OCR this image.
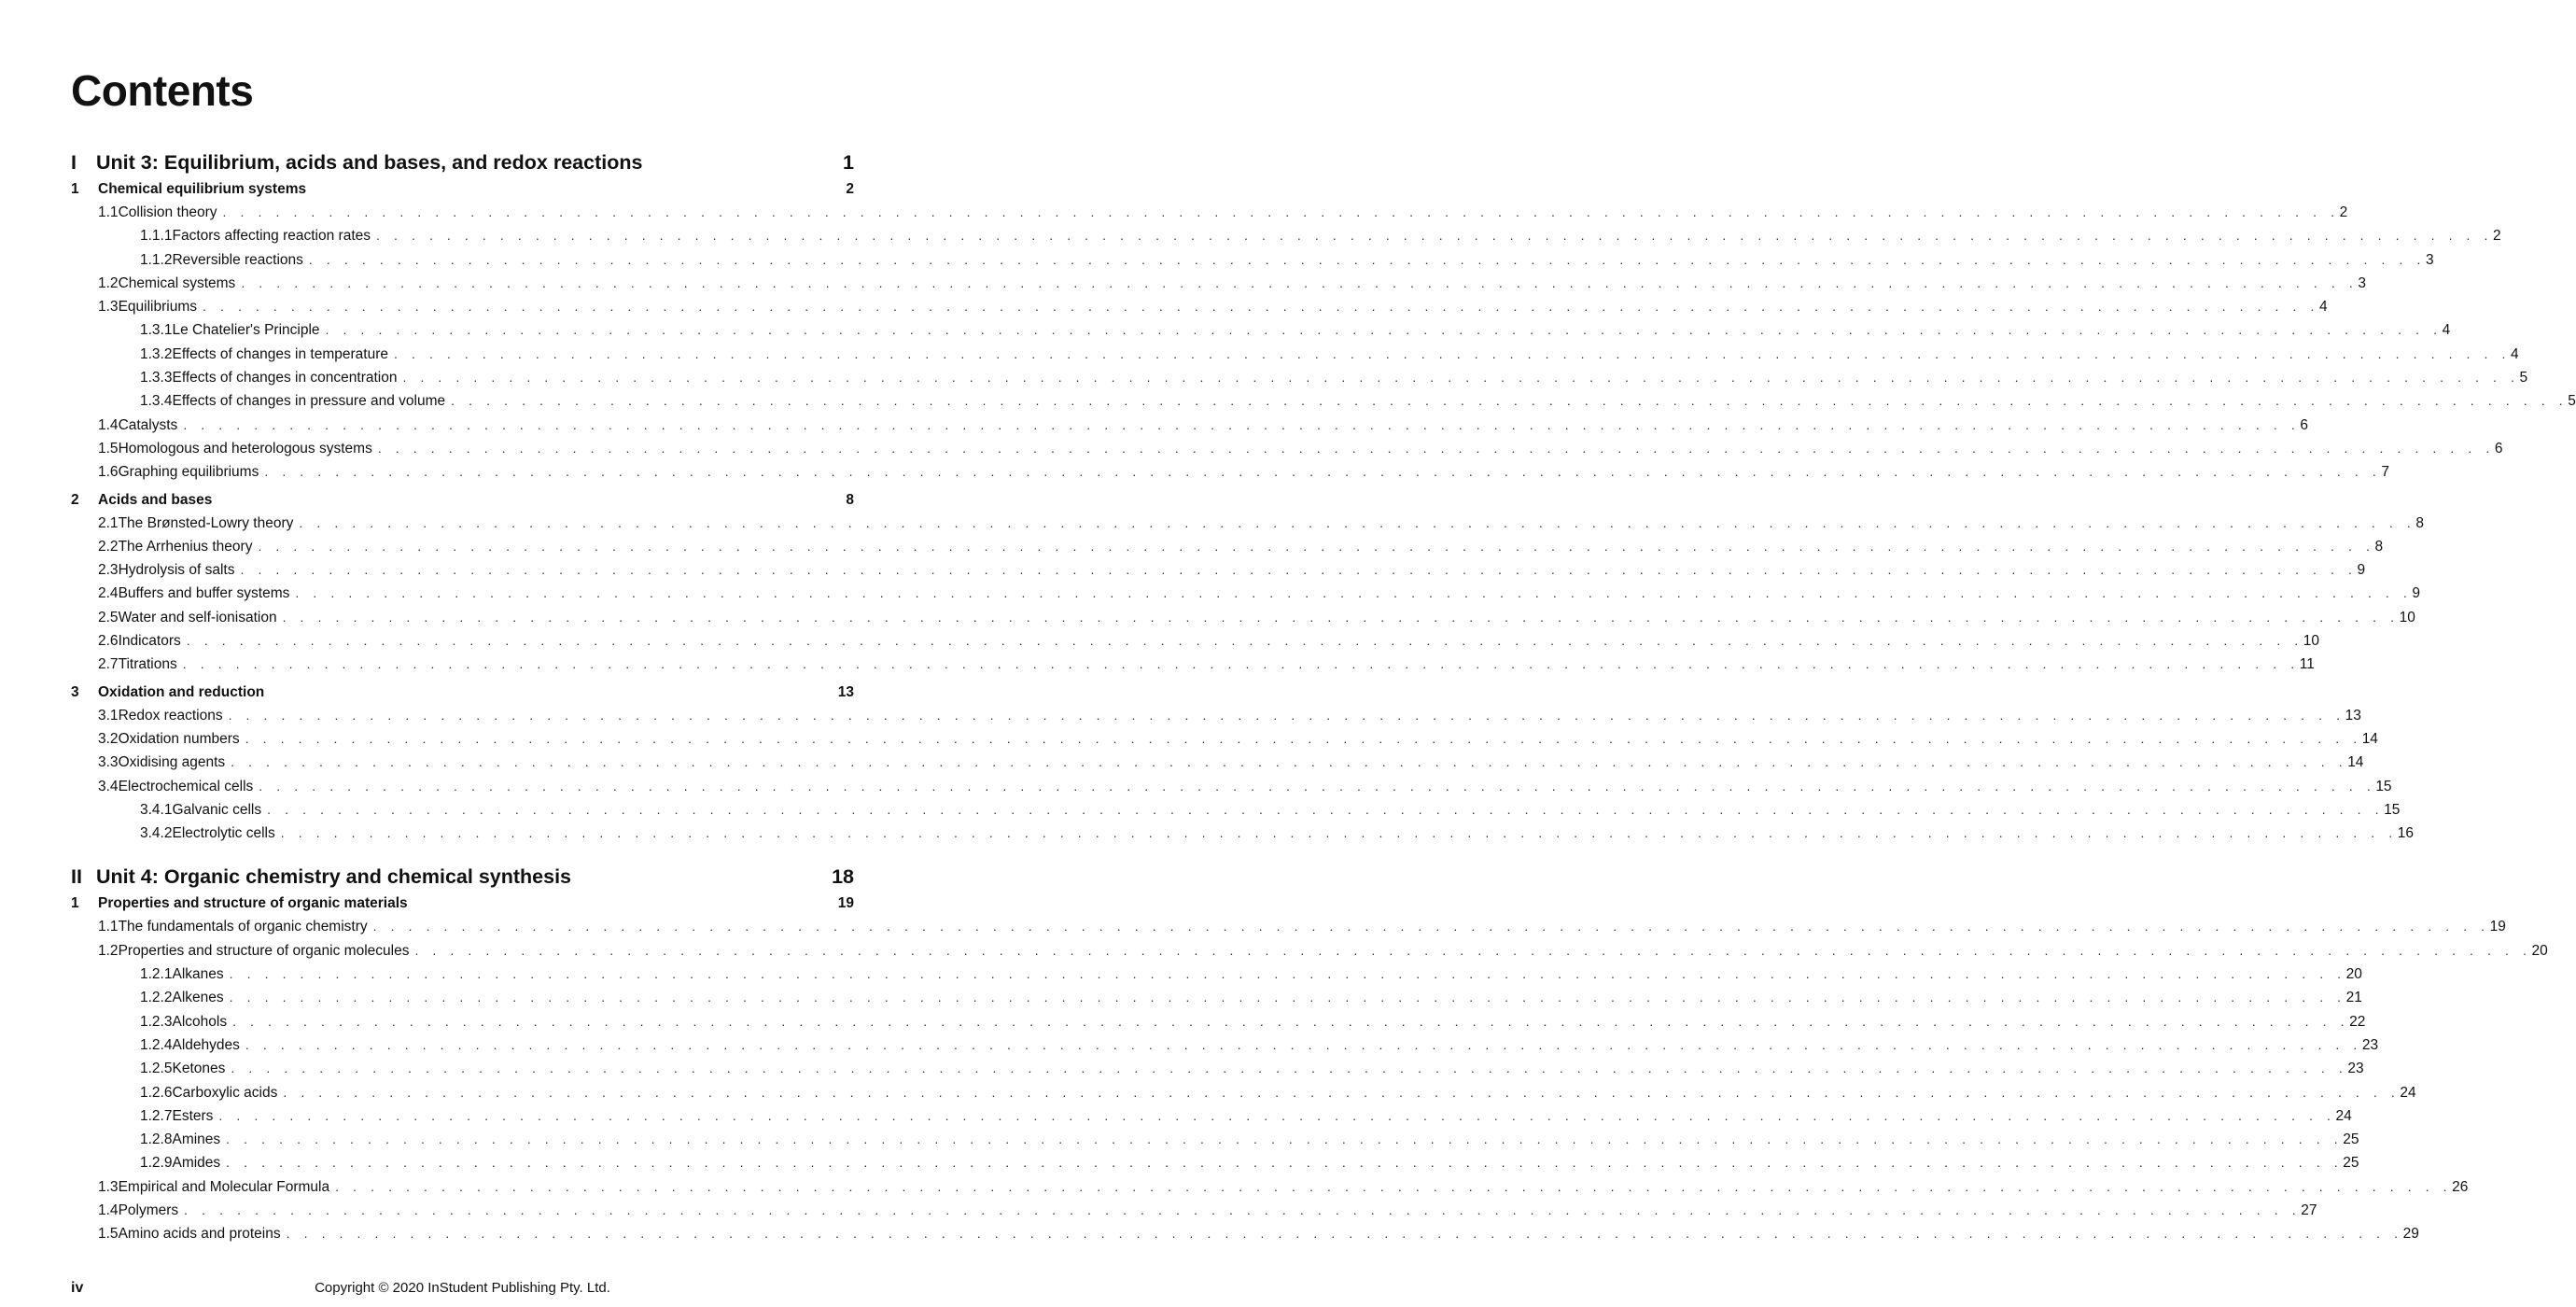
Contents
I Unit 3: Equilibrium, acids and bases, and redox reactions	1
1	Chemical equilibrium systems	2
1.1 Collision theory . . . . . . . . . . . . . . . . . . . . . . . . . . . . . . . . . . . . . . . . . . . . . . . . . . . . . . . . . . . . . . . . . . . . . . . . . . . . . . . . . . . . . . . . . . . . . . . . . . . . . . . . . . . . . . . . . . . . . . . . 2
1.1.1 Factors affecting reaction rates . . . . . . . . . . . . . . . . . . . . . . . . . . . . . . . . . . . . . . . . . . . . . . . . . . . . . . . . . . . . . . . . . . . . . . . . . . . . . . . . . . . . . . . . . . . . . . . . . . . . . . . . . . . . . . . . . . . . . . . . 2
1.1.2 Reversible reactions . . . . . . . . . . . . . . . . . . . . . . . . . . . . . . . . . . . . . . . . . . . . . . . . . . . . . . . . . . . . . . . . . . . . . . . . . . . . . . . . . . . . . . . . . . . . . . . . . . . . . . . . . . . . . . . . . . . . . . . . 3
1.2 Chemical systems . . . . . . . . . . . . . . . . . . . . . . . . . . . . . . . . . . . . . . . . . . . . . . . . . . . . . . . . . . . . . . . . . . . . . . . . . . . . . . . . . . . . . . . . . . . . . . . . . . . . . . . . . . . . . . . . . . . . . . . . 3
1.3 Equilibriums . . . . . . . . . . . . . . . . . . . . . . . . . . . . . . . . . . . . . . . . . . . . . . . . . . . . . . . . . . . . . . . . . . . . . . . . . . . . . . . . . . . . . . . . . . . . . . . . . . . . . . . . . . . . . . . . . . . . . . . . 4
1.3.1 Le Chatelier's Principle . . . . . . . . . . . . . . . . . . . . . . . . . . . . . . . . . . . . . . . . . . . . . . . . . . . . . . . . . . . . . . . . . . . . . . . . . . . . . . . . . . . . . . . . . . . . . . . . . . . . . . . . . . . . . . . . . . . . . . . . 4
1.3.2 Effects of changes in temperature . . . . . . . . . . . . . . . . . . . . . . . . . . . . . . . . . . . . . . . . . . . . . . . . . . . . . . . . . . . . . . . . . . . . . . . . . . . . . . . . . . . . . . . . . . . . . . . . . . . . . . . . . . . . . . . . . . . . . . . . 4
1.3.3 Effects of changes in concentration . . . . . . . . . . . . . . . . . . . . . . . . . . . . . . . . . . . . . . . . . . . . . . . . . . . . . . . . . . . . . . . . . . . . . . . . . . . . . . . . . . . . . . . . . . . . . . . . . . . . . . . . . . . . . . . . . . . . . . . . 5
1.3.4 Effects of changes in pressure and volume . . . . . . . . . . . . . . . . . . . . . . . . . . . . . . . . . . . . . . . . . . . . . . . . . . . . . . . . . . . . . . . . . . . . . . . . . . . . . . . . . . . . . . . . . . . . . . . . . . . . . . . . . . . . . . . . . . . . . . . . 5
1.4 Catalysts . . . . . . . . . . . . . . . . . . . . . . . . . . . . . . . . . . . . . . . . . . . . . . . . . . . . . . . . . . . . . . . . . . . . . . . . . . . . . . . . . . . . . . . . . . . . . . . . . . . . . . . . . . . . . . . . . . . . . . . . 6
1.5 Homologous and heterologous systems . . . . . . . . . . . . . . . . . . . . . . . . . . . . . . . . . . . . . . . . . . . . . . . . . . . . . . . . . . . . . . . . . . . . . . . . . . . . . . . . . . . . . . . . . . . . . . . . . . . . . . . . . . . . . . . . . . . . . . . . 6
1.6 Graphing equilibriums . . . . . . . . . . . . . . . . . . . . . . . . . . . . . . . . . . . . . . . . . . . . . . . . . . . . . . . . . . . . . . . . . . . . . . . . . . . . . . . . . . . . . . . . . . . . . . . . . . . . . . . . . . . . . . . . . . . . . . . . 7
2	Acids and bases	8
2.1 The Brønsted-Lowry theory . . . . . . . . . . . . . . . . . . . . . . . . . . . . . . . . . . . . . . . . . . . . . . . . . . . . . . . . . . . . . . . . . . . . . . . . . . . . . . . . . . . . . . . . . . . . . . . . . . . . . . . . . . . . . . . . . . . . . . . . 8
2.2 The Arrhenius theory . . . . . . . . . . . . . . . . . . . . . . . . . . . . . . . . . . . . . . . . . . . . . . . . . . . . . . . . . . . . . . . . . . . . . . . . . . . . . . . . . . . . . . . . . . . . . . . . . . . . . . . . . . . . . . . . . . . . . . . . 8
2.3 Hydrolysis of salts . . . . . . . . . . . . . . . . . . . . . . . . . . . . . . . . . . . . . . . . . . . . . . . . . . . . . . . . . . . . . . . . . . . . . . . . . . . . . . . . . . . . . . . . . . . . . . . . . . . . . . . . . . . . . . . . . . . . . . . . 9
2.4 Buffers and buffer systems . . . . . . . . . . . . . . . . . . . . . . . . . . . . . . . . . . . . . . . . . . . . . . . . . . . . . . . . . . . . . . . . . . . . . . . . . . . . . . . . . . . . . . . . . . . . . . . . . . . . . . . . . . . . . . . . . . . . . . . . 9
2.5 Water and self-ionisation . . . . . . . . . . . . . . . . . . . . . . . . . . . . . . . . . . . . . . . . . . . . . . . . . . . . . . . . . . . . . . . . . . . . . . . . . . . . . . . . . . . . . . . . . . . . . . . . . . . . . . . . . . . . . . . . . . . . . . . . 10
2.6 Indicators . . . . . . . . . . . . . . . . . . . . . . . . . . . . . . . . . . . . . . . . . . . . . . . . . . . . . . . . . . . . . . . . . . . . . . . . . . . . . . . . . . . . . . . . . . . . . . . . . . . . . . . . . . . . . . . . . . . . . . . . 10
2.7 Titrations . . . . . . . . . . . . . . . . . . . . . . . . . . . . . . . . . . . . . . . . . . . . . . . . . . . . . . . . . . . . . . . . . . . . . . . . . . . . . . . . . . . . . . . . . . . . . . . . . . . . . . . . . . . . . . . . . . . . . . . . 11
3	Oxidation and reduction	13
3.1 Redox reactions . . . . . . . . . . . . . . . . . . . . . . . . . . . . . . . . . . . . . . . . . . . . . . . . . . . . . . . . . . . . . . . . . . . . . . . . . . . . . . . . . . . . . . . . . . . . . . . . . . . . . . . . . . . . . . . . . . . . . . . . 13
3.2 Oxidation numbers . . . . . . . . . . . . . . . . . . . . . . . . . . . . . . . . . . . . . . . . . . . . . . . . . . . . . . . . . . . . . . . . . . . . . . . . . . . . . . . . . . . . . . . . . . . . . . . . . . . . . . . . . . . . . . . . . . . . . . . . 14
3.3 Oxidising agents . . . . . . . . . . . . . . . . . . . . . . . . . . . . . . . . . . . . . . . . . . . . . . . . . . . . . . . . . . . . . . . . . . . . . . . . . . . . . . . . . . . . . . . . . . . . . . . . . . . . . . . . . . . . . . . . . . . . . . . . 14
3.4 Electrochemical cells . . . . . . . . . . . . . . . . . . . . . . . . . . . . . . . . . . . . . . . . . . . . . . . . . . . . . . . . . . . . . . . . . . . . . . . . . . . . . . . . . . . . . . . . . . . . . . . . . . . . . . . . . . . . . . . . . . . . . . . . 15
3.4.1 Galvanic cells . . . . . . . . . . . . . . . . . . . . . . . . . . . . . . . . . . . . . . . . . . . . . . . . . . . . . . . . . . . . . . . . . . . . . . . . . . . . . . . . . . . . . . . . . . . . . . . . . . . . . . . . . . . . . . . . . . . . . . . . 15
3.4.2 Electrolytic cells . . . . . . . . . . . . . . . . . . . . . . . . . . . . . . . . . . . . . . . . . . . . . . . . . . . . . . . . . . . . . . . . . . . . . . . . . . . . . . . . . . . . . . . . . . . . . . . . . . . . . . . . . . . . . . . . . . . . . . . . 16
II Unit 4: Organic chemistry and chemical synthesis	18
1	Properties and structure of organic materials	19
1.1 The fundamentals of organic chemistry . . . . . . . . . . . . . . . . . . . . . . . . . . . . . . . . . . . . . . . . . . . . . . . . . . . . . . . . . . . . . . . . . . . . . . . . . . . . . . . . . . . . . . . . . . . . . . . . . . . . . . . . . . . . . . . . . . . . . . . . 19
1.2 Properties and structure of organic molecules . . . . . . . . . . . . . . . . . . . . . . . . . . . . . . . . . . . . . . . . . . . . . . . . . . . . . . . . . . . . . . . . . . . . . . . . . . . . . . . . . . . . . . . . . . . . . . . . . . . . . . . . . . . . . . . . . . . . . . . . 20
1.2.1 Alkanes . . . . . . . . . . . . . . . . . . . . . . . . . . . . . . . . . . . . . . . . . . . . . . . . . . . . . . . . . . . . . . . . . . . . . . . . . . . . . . . . . . . . . . . . . . . . . . . . . . . . . . . . . . . . . . . . . . . . . . . . 20
1.2.2 Alkenes . . . . . . . . . . . . . . . . . . . . . . . . . . . . . . . . . . . . . . . . . . . . . . . . . . . . . . . . . . . . . . . . . . . . . . . . . . . . . . . . . . . . . . . . . . . . . . . . . . . . . . . . . . . . . . . . . . . . . . . . 21
1.2.3 Alcohols . . . . . . . . . . . . . . . . . . . . . . . . . . . . . . . . . . . . . . . . . . . . . . . . . . . . . . . . . . . . . . . . . . . . . . . . . . . . . . . . . . . . . . . . . . . . . . . . . . . . . . . . . . . . . . . . . . . . . . . . 22
1.2.4 Aldehydes . . . . . . . . . . . . . . . . . . . . . . . . . . . . . . . . . . . . . . . . . . . . . . . . . . . . . . . . . . . . . . . . . . . . . . . . . . . . . . . . . . . . . . . . . . . . . . . . . . . . . . . . . . . . . . . . . . . . . . . . 23
1.2.5 Ketones . . . . . . . . . . . . . . . . . . . . . . . . . . . . . . . . . . . . . . . . . . . . . . . . . . . . . . . . . . . . . . . . . . . . . . . . . . . . . . . . . . . . . . . . . . . . . . . . . . . . . . . . . . . . . . . . . . . . . . . . 23
1.2.6 Carboxylic acids . . . . . . . . . . . . . . . . . . . . . . . . . . . . . . . . . . . . . . . . . . . . . . . . . . . . . . . . . . . . . . . . . . . . . . . . . . . . . . . . . . . . . . . . . . . . . . . . . . . . . . . . . . . . . . . . . . . . . . . . 24
1.2.7 Esters . . . . . . . . . . . . . . . . . . . . . . . . . . . . . . . . . . . . . . . . . . . . . . . . . . . . . . . . . . . . . . . . . . . . . . . . . . . . . . . . . . . . . . . . . . . . . . . . . . . . . . . . . . . . . . . . . . . . . . . . 24
1.2.8 Amines . . . . . . . . . . . . . . . . . . . . . . . . . . . . . . . . . . . . . . . . . . . . . . . . . . . . . . . . . . . . . . . . . . . . . . . . . . . . . . . . . . . . . . . . . . . . . . . . . . . . . . . . . . . . . . . . . . . . . . . . 25
1.2.9 Amides . . . . . . . . . . . . . . . . . . . . . . . . . . . . . . . . . . . . . . . . . . . . . . . . . . . . . . . . . . . . . . . . . . . . . . . . . . . . . . . . . . . . . . . . . . . . . . . . . . . . . . . . . . . . . . . . . . . . . . . . 25
1.3 Empirical and Molecular Formula . . . . . . . . . . . . . . . . . . . . . . . . . . . . . . . . . . . . . . . . . . . . . . . . . . . . . . . . . . . . . . . . . . . . . . . . . . . . . . . . . . . . . . . . . . . . . . . . . . . . . . . . . . . . . . . . . . . . . . . . 26
1.4 Polymers . . . . . . . . . . . . . . . . . . . . . . . . . . . . . . . . . . . . . . . . . . . . . . . . . . . . . . . . . . . . . . . . . . . . . . . . . . . . . . . . . . . . . . . . . . . . . . . . . . . . . . . . . . . . . . . . . . . . . . . . 27
1.5 Amino acids and proteins . . . . . . . . . . . . . . . . . . . . . . . . . . . . . . . . . . . . . . . . . . . . . . . . . . . . . . . . . . . . . . . . . . . . . . . . . . . . . . . . . . . . . . . . . . . . . . . . . . . . . . . . . . . . . . . . . . . . . . . . 29
iv	Copyright © 2020 InStudent Publishing Pty. Ltd.
